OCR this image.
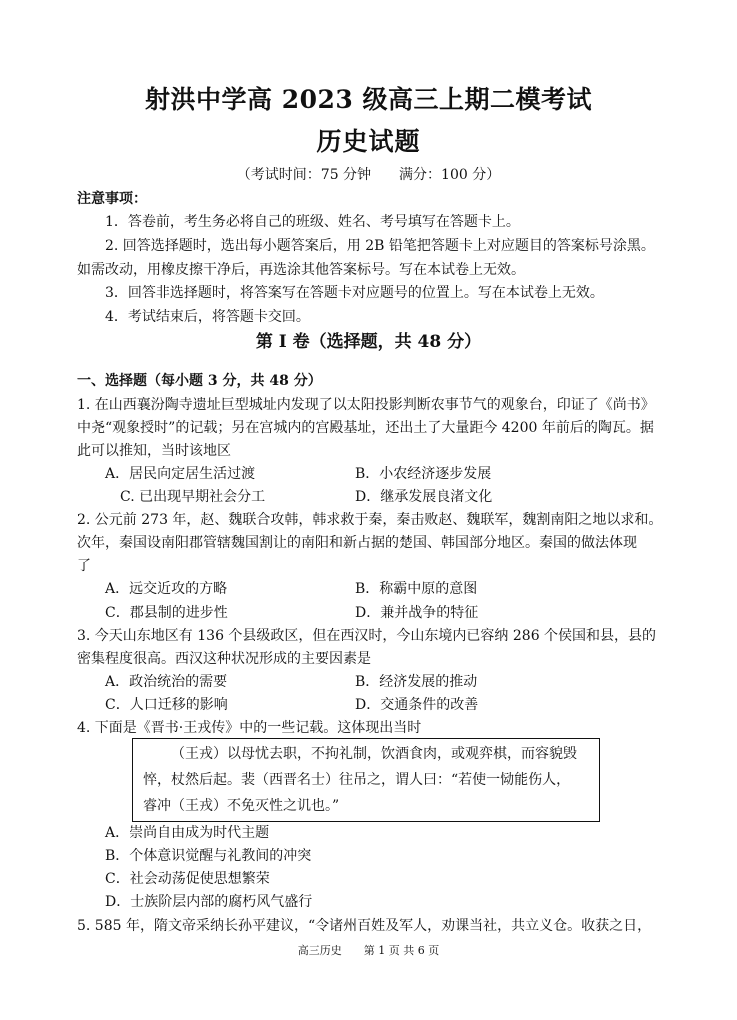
射洪中学高 2023 级高三上期二模考试
历史试题
（考试时间：75 分钟　　满分：100 分）
注意事项：
1．答卷前，考生务必将自己的班级、姓名、考号填写在答题卡上。
2. 回答选择题时，选出每小题答案后，用 2B 铅笔把答题卡上对应题目的答案标号涂黑。
如需改动，用橡皮擦干净后，再选涂其他答案标号。写在本试卷上无效。
3．回答非选择题时，将答案写在答题卡对应题号的位置上。写在本试卷上无效。
4．考试结束后，将答题卡交回。
第 I 卷（选择题，共 48 分）
一、选择题（每小题 3 分，共 48 分）
1. 在山西襄汾陶寺遗址巨型城址内发现了以太阳投影判断农事节气的观象台，印证了《尚书》
中尧“观象授时”的记载；另在宫城内的宫殿基址，还出土了大量距今 4200 年前后的陶瓦。据
此可以推知，当时该地区
A．居民向定居生活过渡	B．小农经济逐步发展
C. 已出现早期社会分工	D．继承发展良渚文化
2. 公元前 273 年，赵、魏联合攻韩，韩求救于秦，秦击败赵、魏联军，魏割南阳之地以求和。
次年，秦国设南阳郡管辖魏国割让的南阳和新占据的楚国、韩国部分地区。秦国的做法体现
了
A．远交近攻的方略	B．称霸中原的意图
C．郡县制的进步性	D．兼并战争的特征
3. 今天山东地区有 136 个县级政区，但在西汉时，今山东境内已容纳 286 个侯国和县，县的
密集程度很高。西汉这种状况形成的主要因素是
A．政治统治的需要	B．经济发展的推动
C．人口迁移的影响	D．交通条件的改善
4. 下面是《晋书·王戎传》中的一些记载。这体现出当时
（王戎）以母忧去职，不拘礼制，饮酒食肉，或观弈棋，而容貌毁
悴，杖然后起。裴（西晋名士）往吊之，谓人曰：“若使一恸能伤人，
睿冲（王戎）不免灭性之讥也。”
A．崇尚自由成为时代主题
B．个体意识觉醒与礼教间的冲突
C．社会动荡促使思想繁荣
D．士族阶层内部的腐朽风气盛行
5. 585 年，隋文帝采纳长孙平建议，“令诸州百姓及军人，劝课当社，共立义仓。收获之日，
高三历史　　第 1 页 共 6 页
